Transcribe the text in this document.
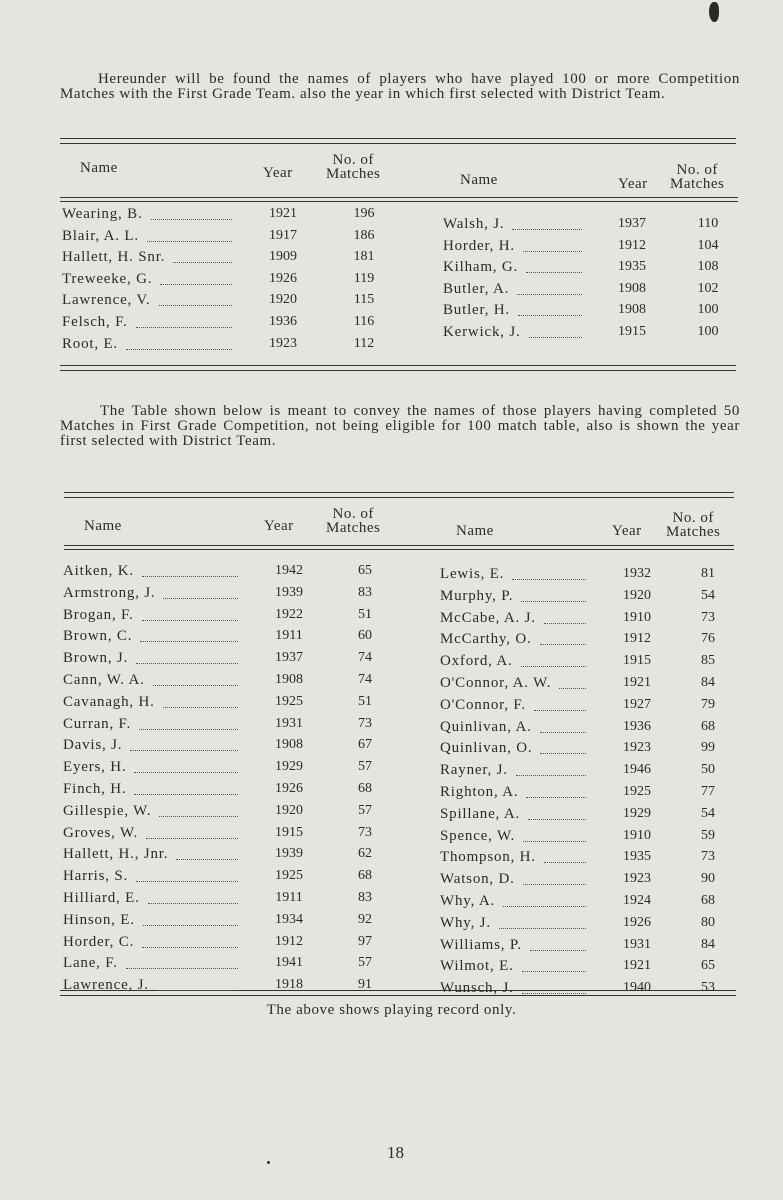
Hereunder will be found the names of players who have played 100 or more Competition Matches with the First Grade Team. also the year in which first selected with District Team.

Name	Year
No. of
Matches	Name	Year
No. of
Matches
Wearing, B.	1921	196
Blair, A. L.	1917	186
Hallett, H. Snr.	1909	181
Treweeke, G.	1926	119
Lawrence, V.	1920	115
Felsch, F.	1936	116
Root, E.	1923	112
Walsh, J.	1937	110
Horder, H.	1912	104
Kilham, G.	1935	108
Butler, A.	1908	102
Butler, H.	1908	100
Kerwick, J.	1915	100

The Table shown below is meant to convey the names of those players having completed 50 Matches in First Grade Competition, not being eligible for 100 match table, also is shown the year first selected with District Team.

Name	Year
No. of
Matches	Name	Year
No. of
Matches
Aitken, K.	1942	65
Armstrong, J.	1939	83
Brogan, F.	1922	51
Brown, C.	1911	60
Brown, J.	1937	74
Cann, W. A.	1908	74
Cavanagh, H.	1925	51
Curran, F.	1931	73
Davis, J.	1908	67
Eyers, H.	1929	57
Finch, H.	1926	68
Gillespie, W.	1920	57
Groves, W.	1915	73
Hallett, H., Jnr.	1939	62
Harris, S.	1925	68
Hilliard, E.	1911	83
Hinson, E.	1934	92
Horder, C.	1912	97
Lane, F.	1941	57
Lawrence, J.	1918	91
Lewis, E.	1932	81
Murphy, P.	1920	54
McCabe, A. J.	1910	73
McCarthy, O.	1912	76
Oxford, A.	1915	85
O'Connor, A. W.	1921	84
O'Connor, F.	1927	79
Quinlivan, A.	1936	68
Quinlivan, O.	1923	99
Rayner, J.	1946	50
Righton, A.	1925	77
Spillane, A.	1929	54
Spence, W.	1910	59
Thompson, H.	1935	73
Watson, D.	1923	90
Why, A.	1924	68
Why, J.	1926	80
Williams, P.	1931	84
Wilmot, E.	1921	65
Wunsch, J.	1940	53

The above shows playing record only.

18
